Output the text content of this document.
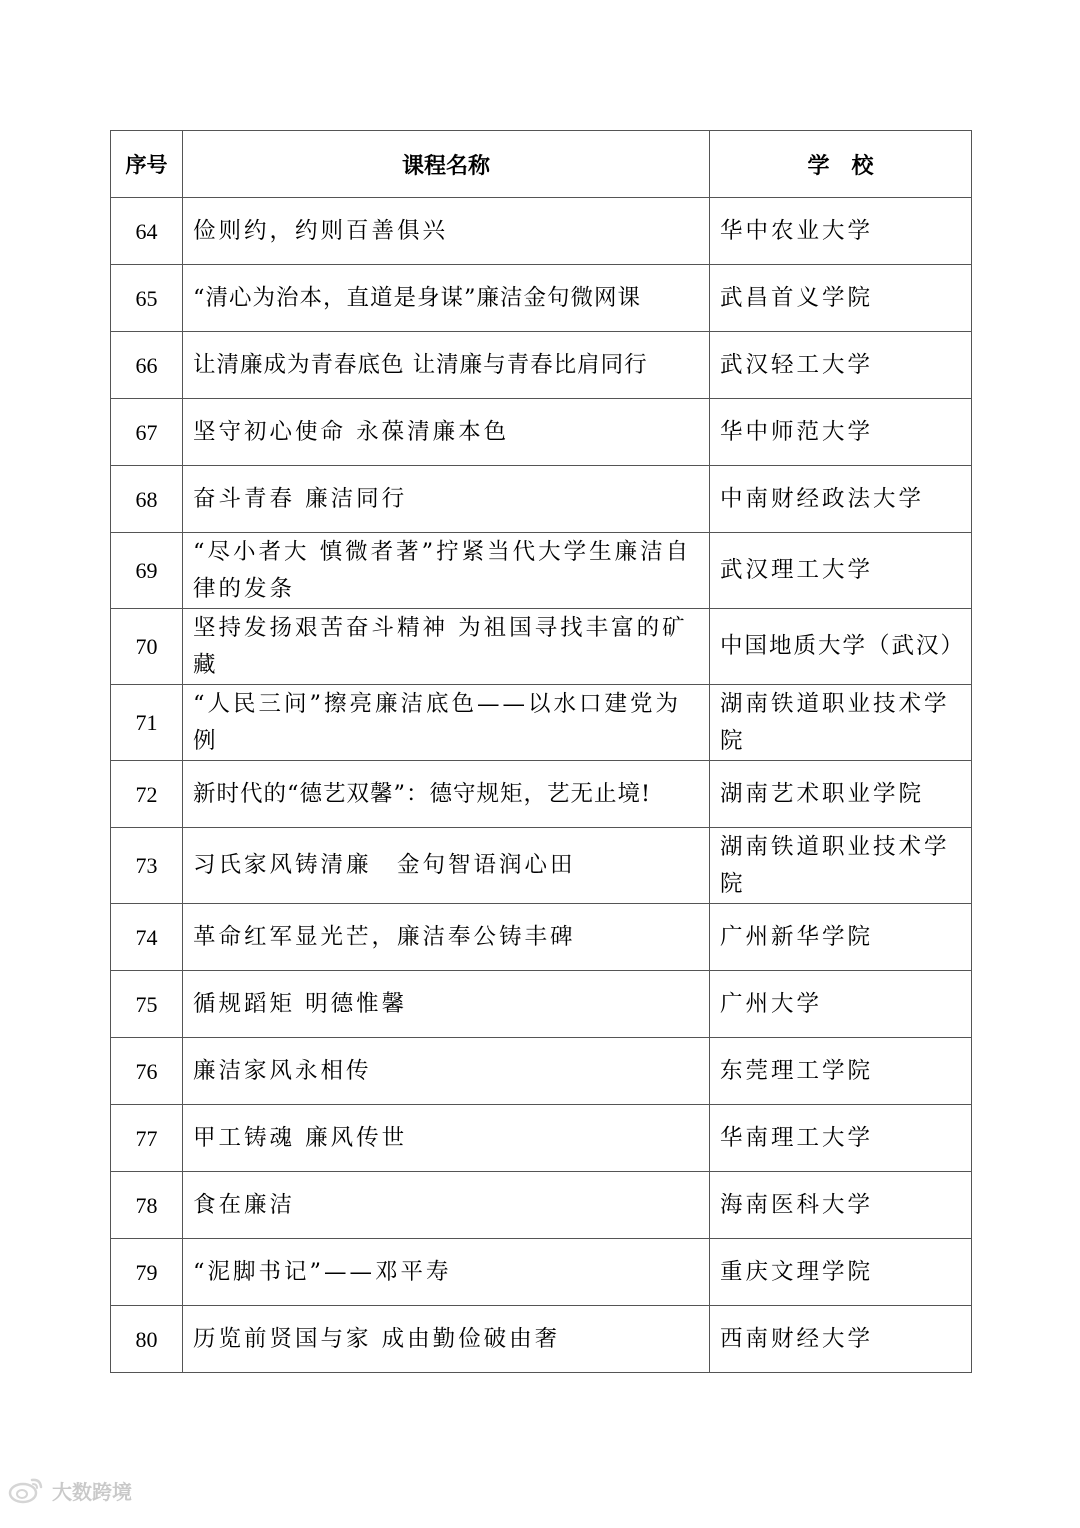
序号	课程名称	学　校
64	俭则约，约则百善俱兴	华中农业大学
65	“清心为治本，直道是身谋”廉洁金句微网课	武昌首义学院
66	让清廉成为青春底色 让清廉与青春比肩同行	武汉轻工大学
67	坚守初心使命 永葆清廉本色	华中师范大学
68	奋斗青春 廉洁同行	中南财经政法大学
69	“尽小者大 慎微者著”拧紧当代大学生廉洁自律的发条	武汉理工大学
70	坚持发扬艰苦奋斗精神 为祖国寻找丰富的矿藏	中国地质大学（武汉）
71	“人民三问”擦亮廉洁底色——以水口建党为例	湖南铁道职业技术学院
72	新时代的“德艺双馨”：德守规矩，艺无止境!	湖南艺术职业学院
73	习氏家风铸清廉　金句智语润心田	湖南铁道职业技术学院
74	革命红军显光芒，廉洁奉公铸丰碑	广州新华学院
75	循规蹈矩 明德惟馨	广州大学
76	廉洁家风永相传	东莞理工学院
77	甲工铸魂 廉风传世	华南理工大学
78	食在廉洁	海南医科大学
79	“泥脚书记”——邓平寿	重庆文理学院
80	历览前贤国与家 成由勤俭破由奢	西南财经大学
大数跨境
